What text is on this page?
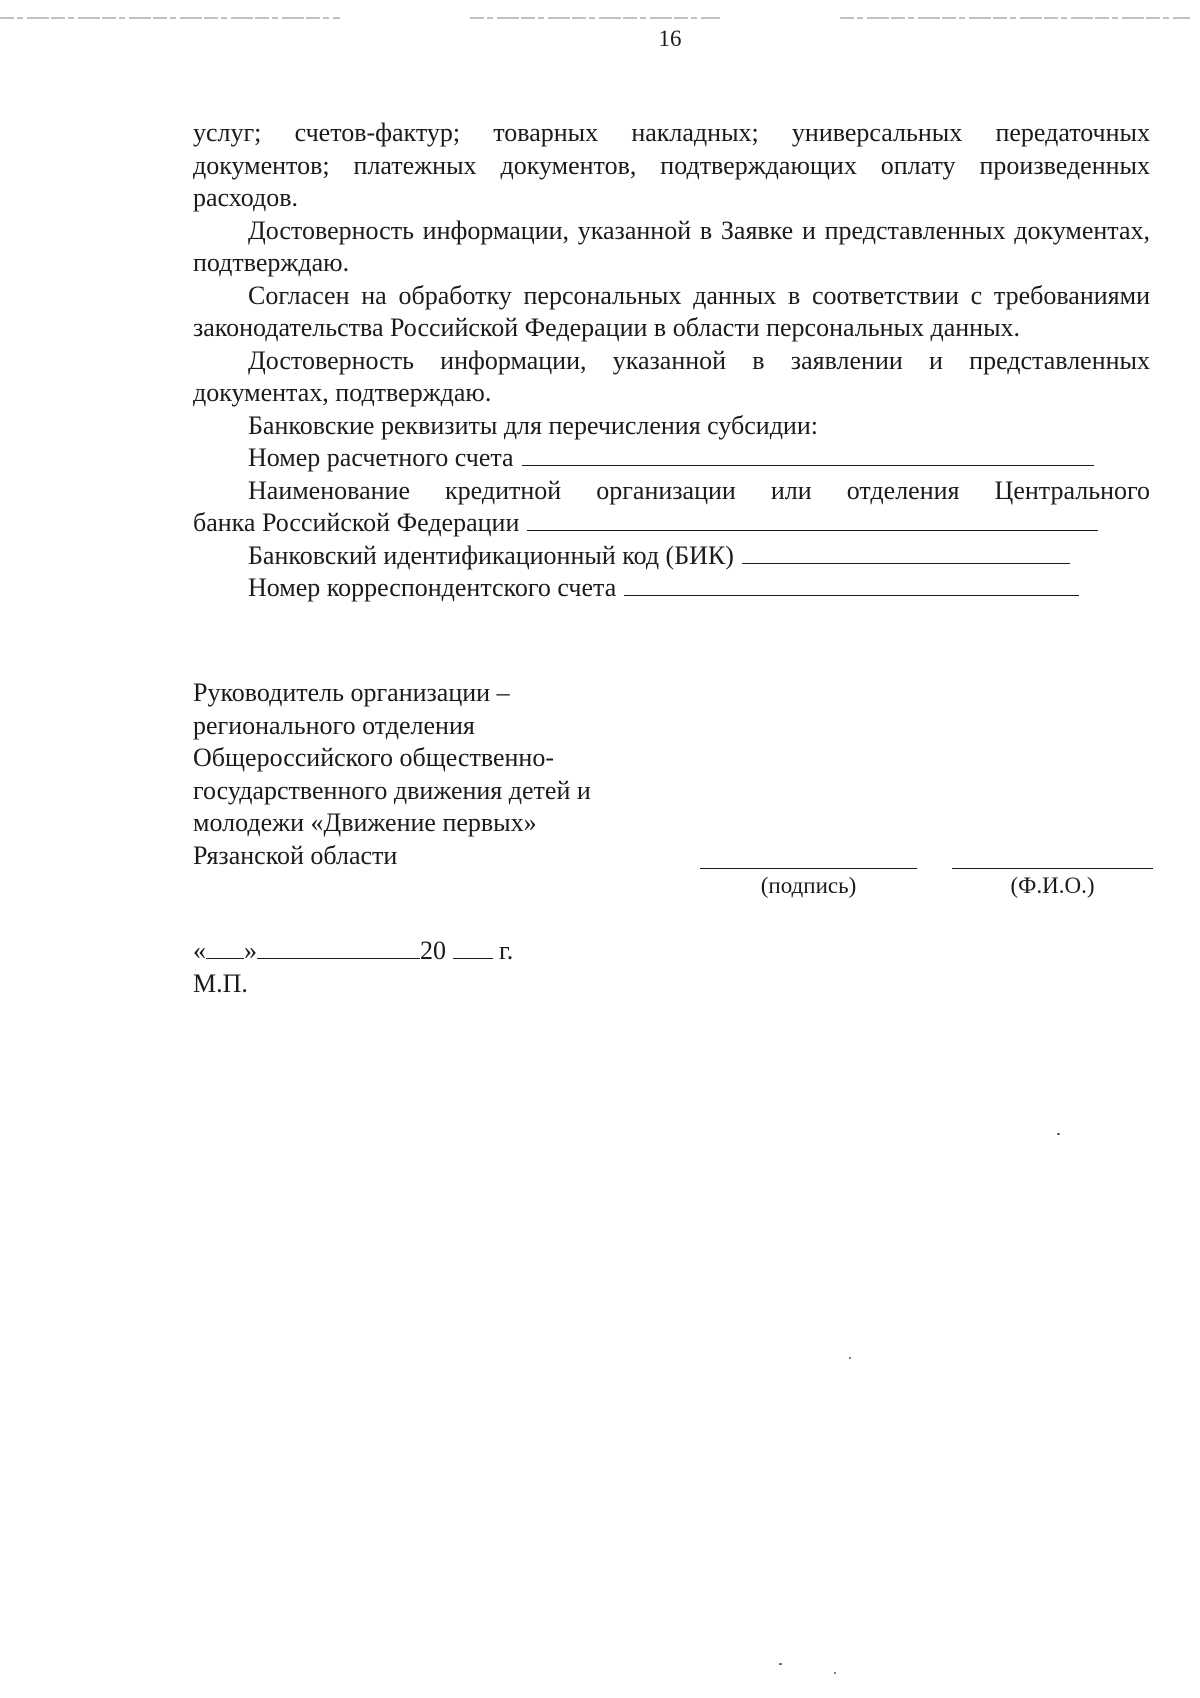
16

услуг; счетов-фактур; товарных накладных; универсальных передаточных документов; платежных документов, подтверждающих оплату произведенных расходов.

Достоверность информации, указанной в Заявке и представленных документах, подтверждаю.

Согласен на обработку персональных данных в соответствии с требованиями законодательства Российской Федерации в области персональных данных.

Достоверность информации, указанной в заявлении и представленных документах, подтверждаю.

Банковские реквизиты для перечисления субсидии:

Номер расчетного счета

Наименование кредитной организации или отделения Центрального

банка Российской Федерации
Банковский идентификационный код (БИК)
Номер корреспондентского счета
Руководитель организации –
регионального отделения
Общероссийского общественно-
государственного движения детей и
молодежи «Движение первых»
Рязанской области
(подпись)	(Ф.И.О.)
« »	20 г.
М.П.
